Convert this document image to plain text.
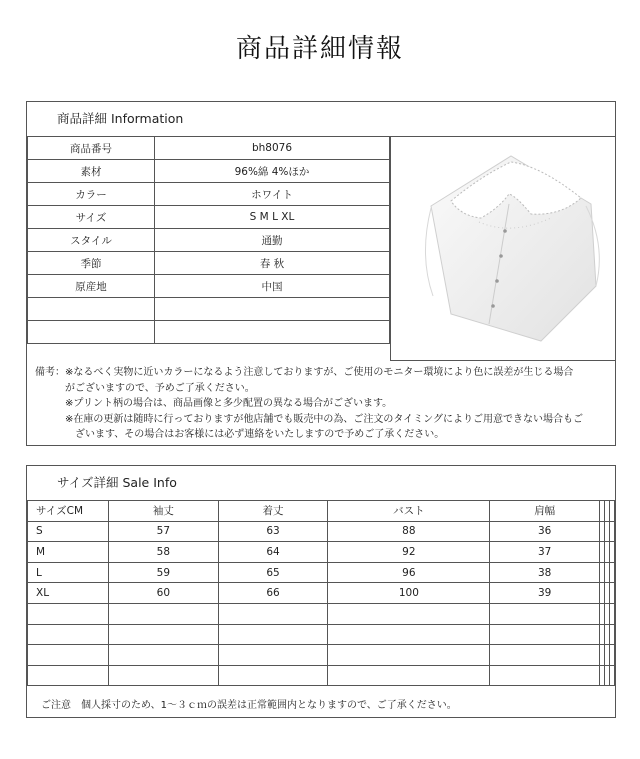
商品詳細情報
商品詳細 Information
商品番号	bh8076
素材	96%綿 4%ほか
カラー	ホワイト
サイズ	S M L XL
スタイル	通勤
季節	春 秋
原産地	中国

備考：※なるべく実物に近いカラーになるよう注意しておりますが、ご使用のモニター環境により色に誤差が生じる場合
　　　がございますので、予めご了承ください。
　　　※プリント柄の場合は、商品画像と多少配置の異なる場合がございます。
　　　※在庫の更新は随時に行っておりますが他店舗でも販売中の為、ご注文のタイミングによりご用意できない場合もご
　　　　ざいます、その場合はお客様には必ず連絡をいたしますので予めご了承ください。
サイズ詳細 Sale Info
サイズCM	袖丈	着丈	バスト	肩幅			
S	57	63	88	36			
M	58	64	92	37			
L	59	65	96	38			
XL	60	66	100	39			

ご注意　個人採寸のため、1～３ｃｍの誤差は正常範囲内となりますので、ご了承ください。
